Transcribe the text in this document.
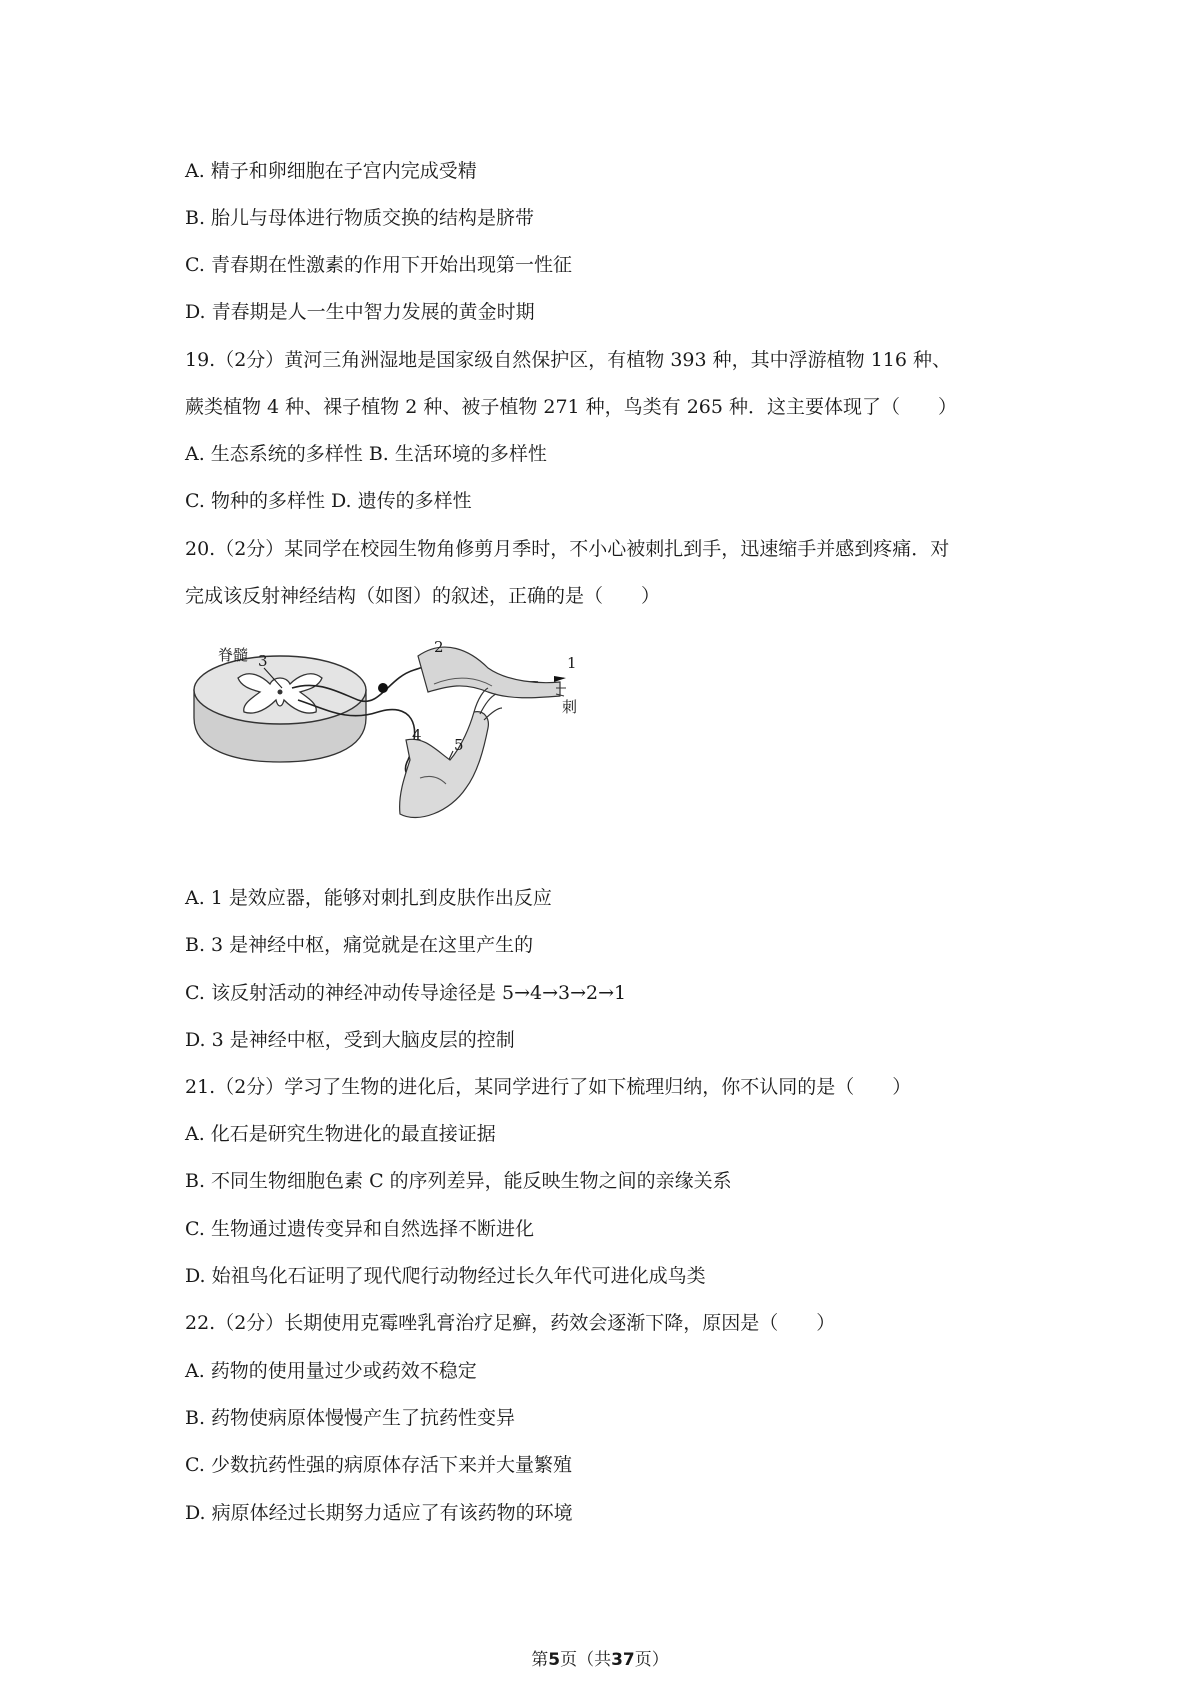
A. 精子和卵细胞在子宫内完成受精
B. 胎儿与母体进行物质交换的结构是脐带
C. 青春期在性激素的作用下开始出现第一性征
D. 青春期是人一生中智力发展的黄金时期
19.（2分）黄河三角洲湿地是国家级自然保护区，有植物 393 种，其中浮游植物 116 种、
蕨类植物 4 种、裸子植物 2 种、被子植物 271 种，鸟类有 265 种．这主要体现了（　　）
A. 生态系统的多样性 B. 生活环境的多样性
C. 物种的多样性 D. 遗传的多样性
20.（2分）某同学在校园生物角修剪月季时，不小心被刺扎到手，迅速缩手并感到疼痛．对
完成该反射神经结构（如图）的叙述，正确的是（　　）
脊髓 3
2
1
刺
4
5
A. 1 是效应器，能够对刺扎到皮肤作出反应
B. 3 是神经中枢，痛觉就是在这里产生的
C. 该反射活动的神经冲动传导途径是 5→4→3→2→1
D. 3 是神经中枢，受到大脑皮层的控制
21.（2分）学习了生物的进化后，某同学进行了如下梳理归纳，你不认同的是（　　）
A. 化石是研究生物进化的最直接证据
B. 不同生物细胞色素 C 的序列差异，能反映生物之间的亲缘关系
C. 生物通过遗传变异和自然选择不断进化
D. 始祖鸟化石证明了现代爬行动物经过长久年代可进化成鸟类
22.（2分）长期使用克霉唑乳膏治疗足癣，药效会逐渐下降，原因是（　　）
A. 药物的使用量过少或药效不稳定
B. 药物使病原体慢慢产生了抗药性变异
C. 少数抗药性强的病原体存活下来并大量繁殖
D. 病原体经过长期努力适应了有该药物的环境
第5页（共37页）
